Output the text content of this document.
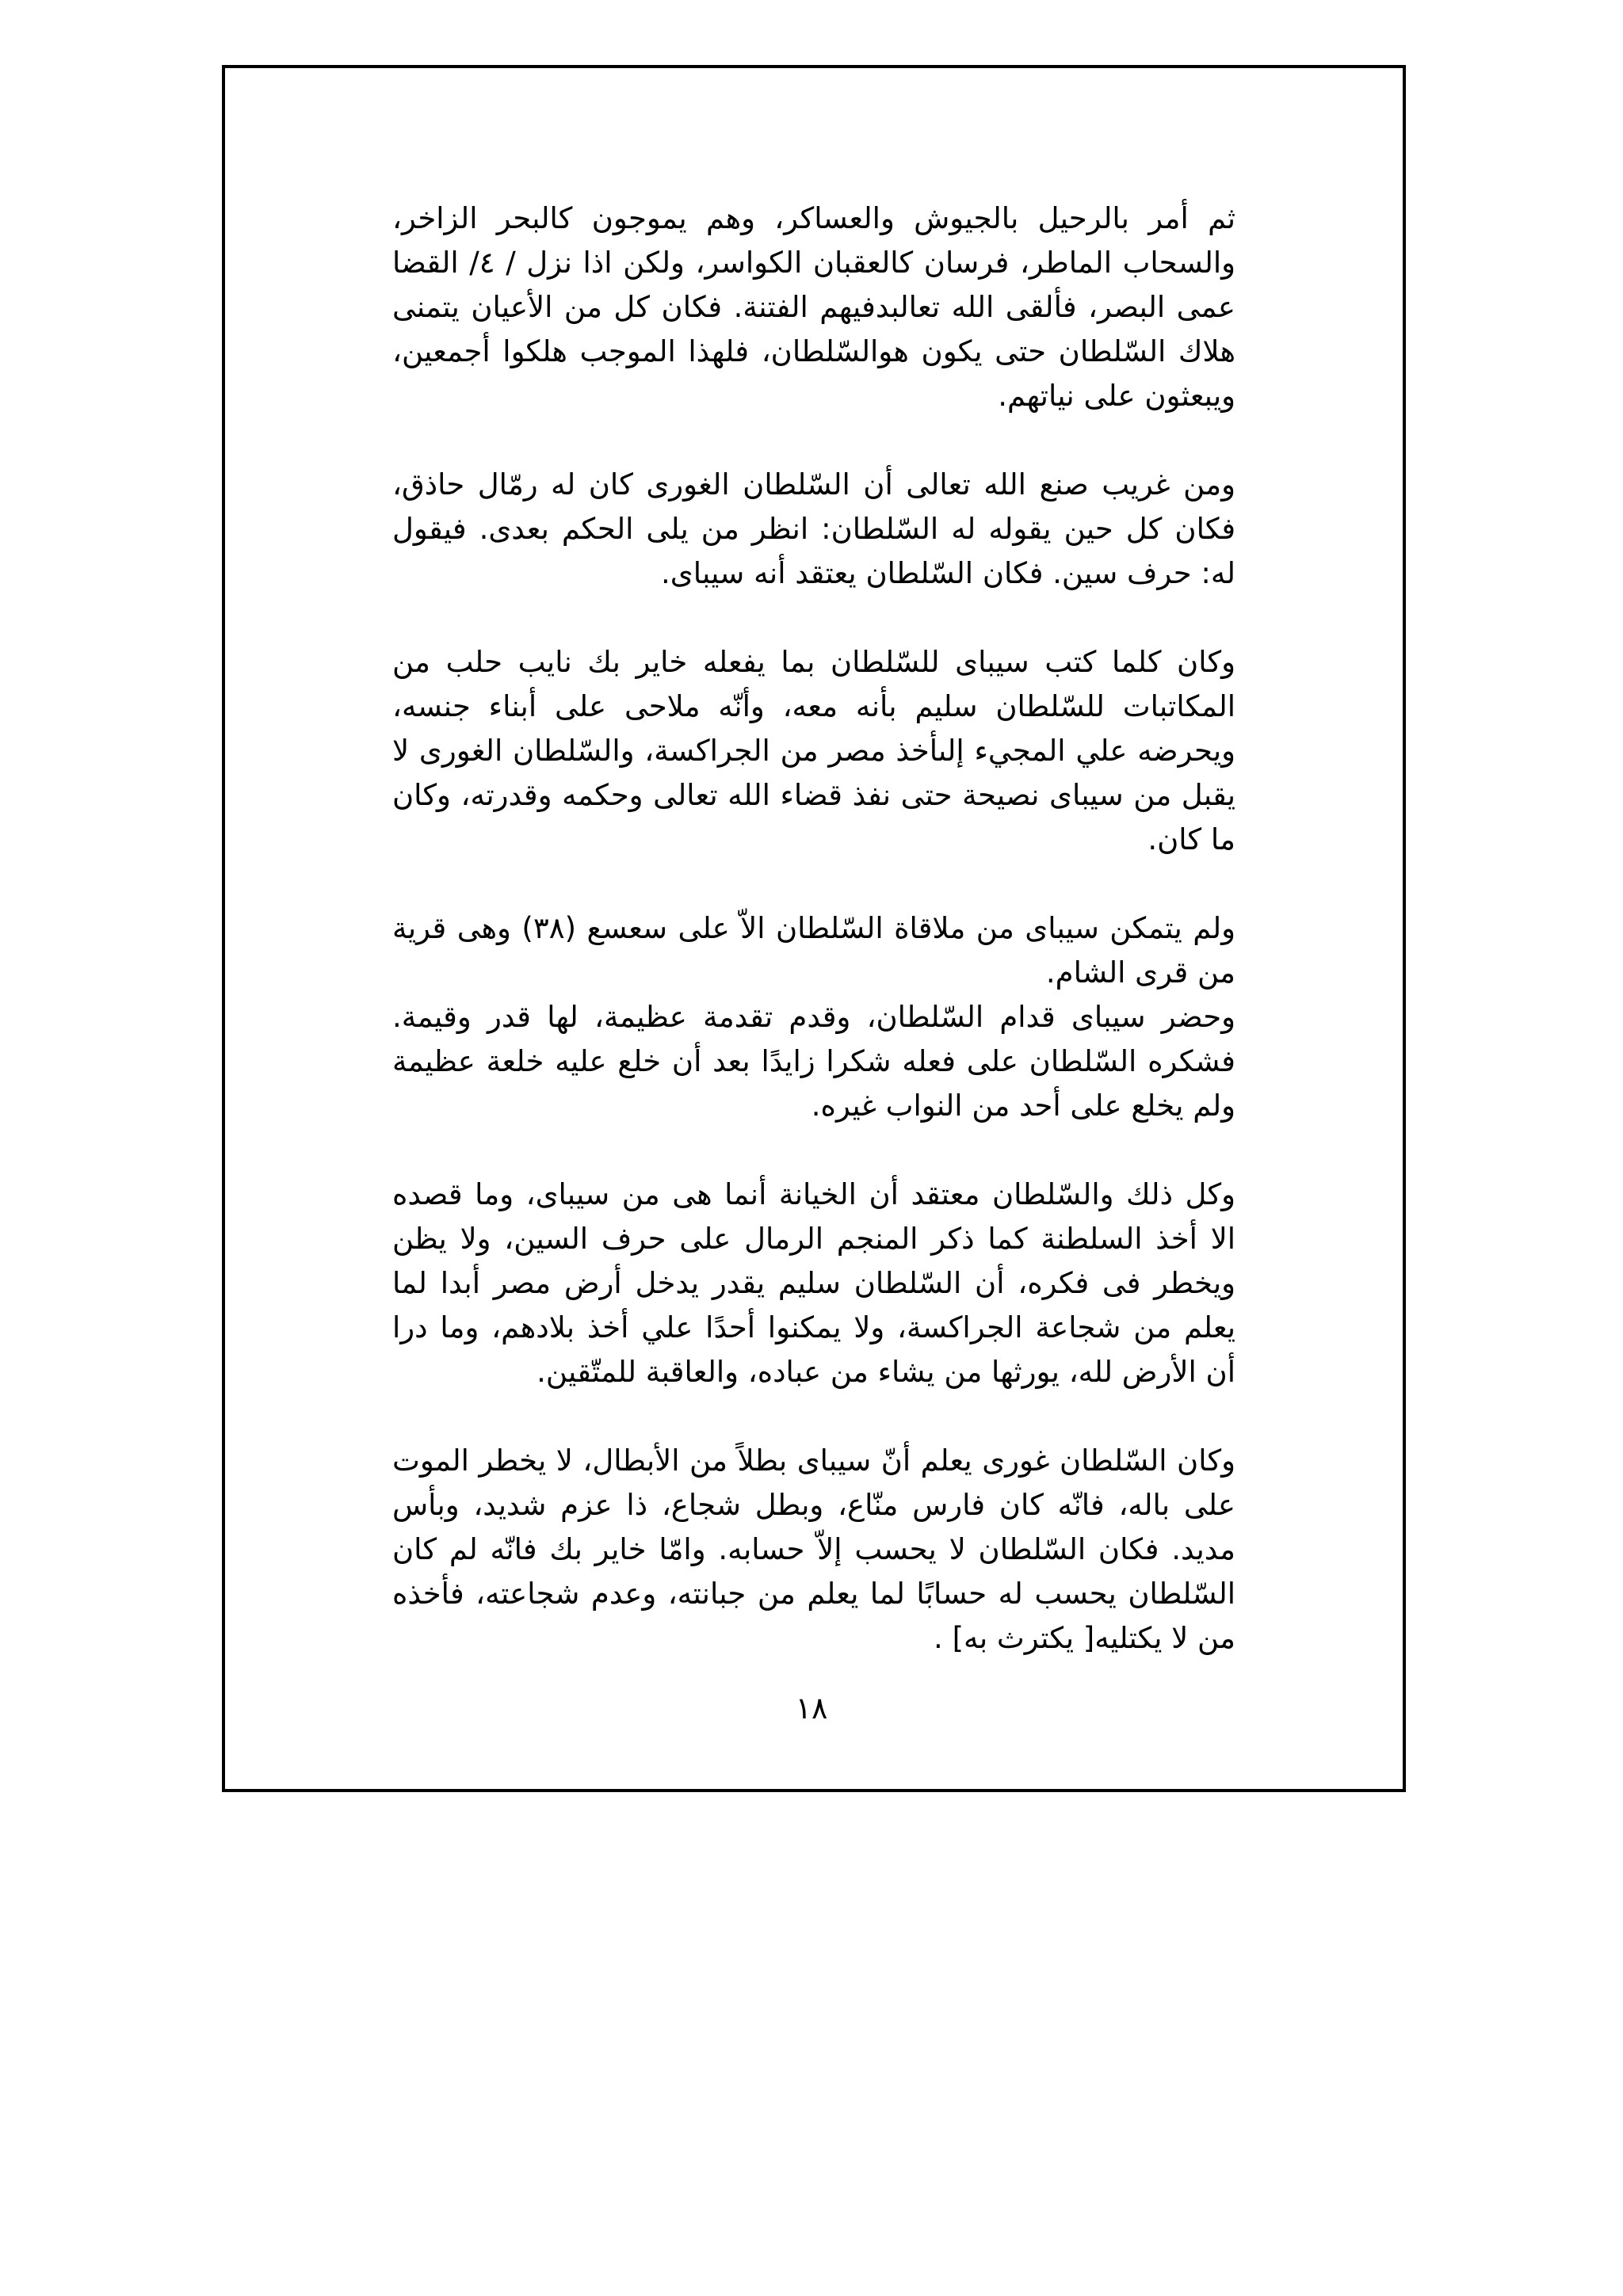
ثم أمر بالرحيل بالجيوش والعساكر، وهم يموجون كالبحر الزاخر، والسحاب الماطر، فرسان كالعقبان الكواسر، ولكن اذا نزل / ٤/ القضا عمى البصر، فألقى الله تعالبدفيهم الفتنة. فكان كل من الأعيان يتمنى هلاك السّلطان حتى يكون هوالسّلطان، فلهذا الموجب هلكوا أجمعين، ويبعثون على نياتهم.

ومن غريب صنع الله تعالى أن السّلطان الغورى كان له رمّال حاذق، فكان كل حين يقوله له السّلطان: انظر من يلى الحكم بعدى. فيقول له: حرف سين. فكان السّلطان يعتقد أنه سيباى.

وكان كلما كتب سيباى للسّلطان بما يفعله خاير بك نايب حلب من المكاتبات للسّلطان سليم بأنه معه، وأنّه ملاحى على أبناء جنسه، ويحرضه علي المجيء إلىأخذ مصر من الجراكسة، والسّلطان الغورى لا يقبل من سيباى نصيحة حتى نفذ قضاء الله تعالى وحكمه وقدرته، وكان ما كان.

ولم يتمكن سيباى من ملاقاة السّلطان الاّ على سعسع (٣٨) وهى قرية من قرى الشام.

وحضر سيباى قدام السّلطان، وقدم تقدمة عظيمة، لها قدر وقيمة. فشكره السّلطان على فعله شكرا زايدًا بعد أن خلع عليه خلعة عظيمة ولم يخلع على أحد من النواب غيره.

وكل ذلك والسّلطان معتقد أن الخيانة أنما هى من سيباى، وما قصده الا أخذ السلطنة كما ذكر المنجم الرمال على حرف السين، ولا يظن ويخطر فى فكره، أن السّلطان سليم يقدر يدخل أرض مصر أبدا لما يعلم من شجاعة الجراكسة، ولا يمكنوا أحدًا علي أخذ بلادهم، وما درا أن الأرض لله، يورثها من يشاء من عباده، والعاقبة للمتّقين.

وكان السّلطان غورى يعلم أنّ سيباى بطلاً من الأبطال، لا يخطر الموت على باله، فانّه كان فارس منّاع، وبطل شجاع، ذا عزم شديد، وبأس مديد. فكان السّلطان لا يحسب إلاّ حسابه. وامّا خاير بك فانّه لم كان السّلطان يحسب له حسابًا لما يعلم من جبانته، وعدم شجاعته، فأخذه من لا يكتليه[ يكترث به] .

١٨
